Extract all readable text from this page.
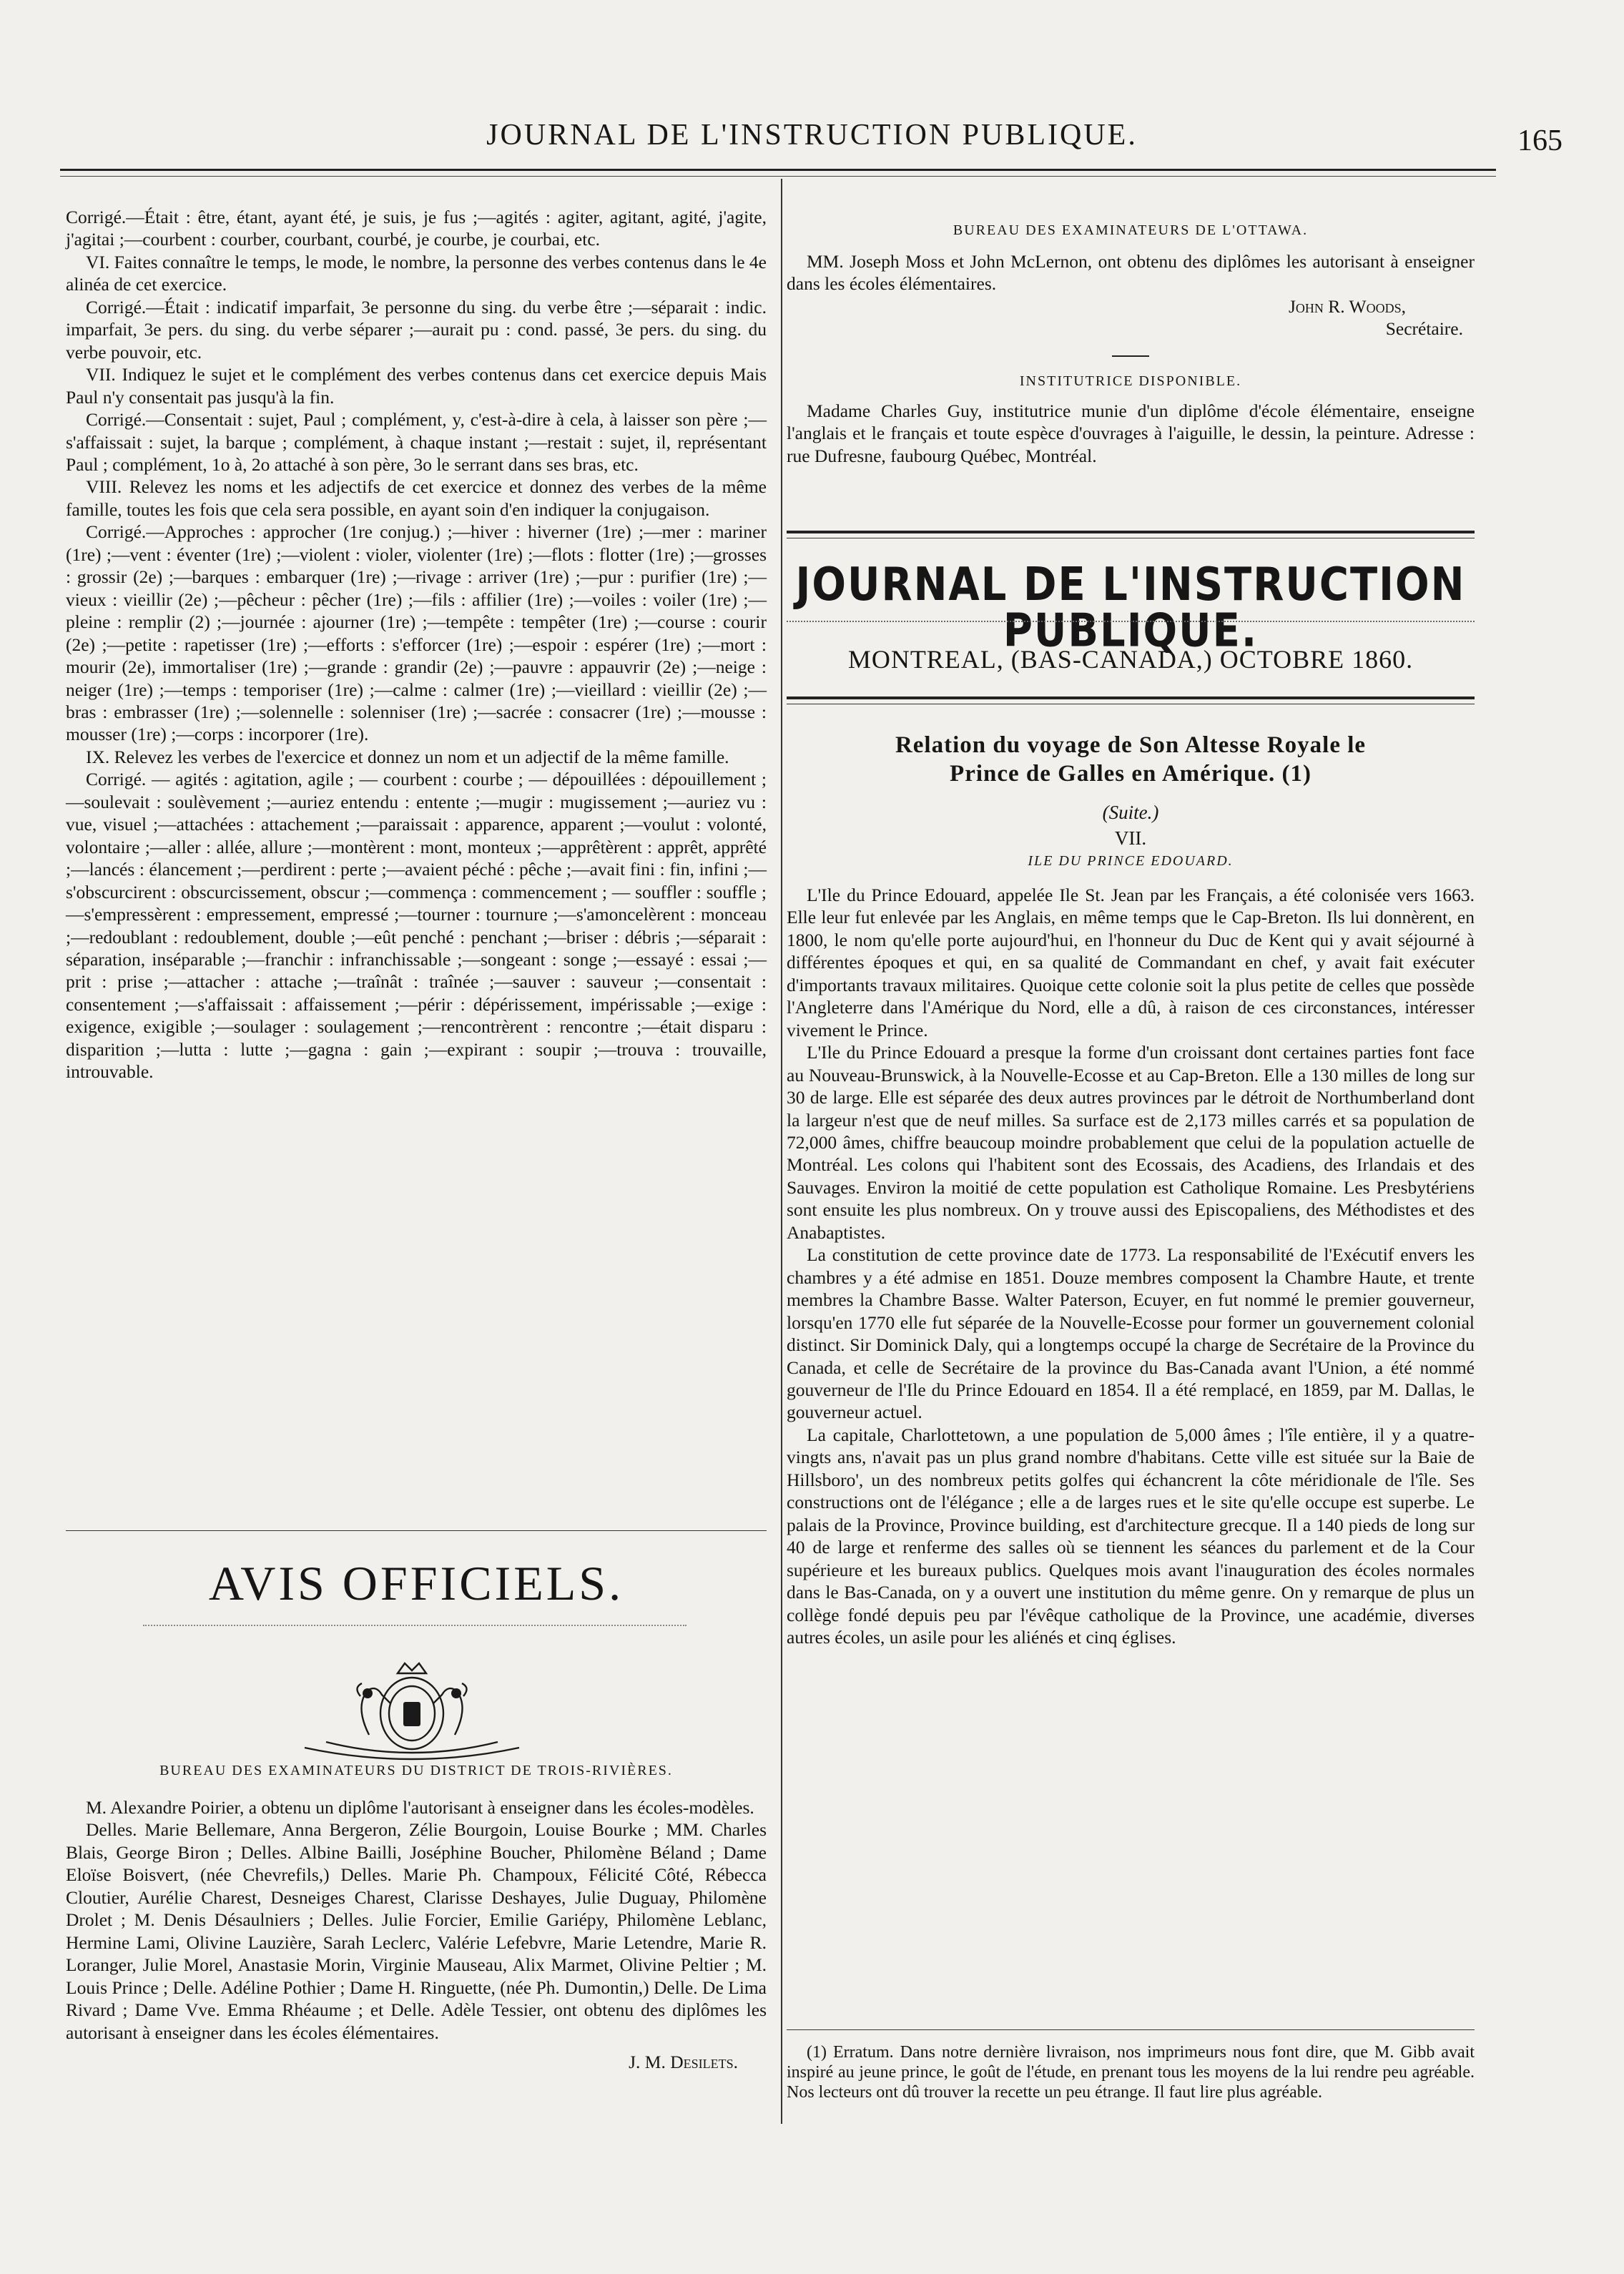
JOURNAL DE L'INSTRUCTION PUBLIQUE.	165

Corrigé.—Était : être, étant, ayant été, je suis, je fus ;—agités : agiter, agitant, agité, j'agite, j'agitai ;—courbent : courber, courbant, courbé, je courbe, je courbai, etc.

VI. Faites connaître le temps, le mode, le nombre, la personne des verbes contenus dans le 4e alinéa de cet exercice.

Corrigé.—Était : indicatif imparfait, 3e personne du sing. du verbe être ;—séparait : indic. imparfait, 3e pers. du sing. du verbe séparer ;—aurait pu : cond. passé, 3e pers. du sing. du verbe pouvoir, etc.

VII. Indiquez le sujet et le complément des verbes contenus dans cet exercice depuis Mais Paul n'y consentait pas jusqu'à la fin.

Corrigé.—Consentait : sujet, Paul ; complément, y, c'est-à-dire à cela, à laisser son père ;—s'affaissait : sujet, la barque ; complément, à chaque instant ;—restait : sujet, il, représentant Paul ; complément, 1o à, 2o attaché à son père, 3o le serrant dans ses bras, etc.

VIII. Relevez les noms et les adjectifs de cet exercice et donnez des verbes de la même famille, toutes les fois que cela sera possible, en ayant soin d'en indiquer la conjugaison.

Corrigé.—Approches : approcher (1re conjug.) ;—hiver : hiverner (1re) ;—mer : mariner (1re) ;—vent : éventer (1re) ;—violent : violer, violenter (1re) ;—flots : flotter (1re) ;—grosses : grossir (2e) ;—barques : embarquer (1re) ;—rivage : arriver (1re) ;—pur : purifier (1re) ;—vieux : vieillir (2e) ;—pêcheur : pêcher (1re) ;—fils : affilier (1re) ;—voiles : voiler (1re) ;—pleine : remplir (2) ;—journée : ajourner (1re) ;—tempête : tempêter (1re) ;—course : courir (2e) ;—petite : rapetisser (1re) ;—efforts : s'efforcer (1re) ;—espoir : espérer (1re) ;—mort : mourir (2e), immortaliser (1re) ;—grande : grandir (2e) ;—pauvre : appauvrir (2e) ;—neige : neiger (1re) ;—temps : temporiser (1re) ;—calme : calmer (1re) ;—vieillard : vieillir (2e) ;—bras : embrasser (1re) ;—solennelle : solenniser (1re) ;—sacrée : consacrer (1re) ;—mousse : mousser (1re) ;—corps : incorporer (1re).

IX. Relevez les verbes de l'exercice et donnez un nom et un adjectif de la même famille.

Corrigé. — agités : agitation, agile ; — courbent : courbe ; — dépouillées : dépouillement ;—soulevait : soulèvement ;—auriez entendu : entente ;—mugir : mugissement ;—auriez vu : vue, visuel ;—attachées : attachement ;—paraissait : apparence, apparent ;—voulut : volonté, volontaire ;—aller : allée, allure ;—montèrent : mont, monteux ;—apprêtèrent : apprêt, apprêté ;—lancés : élancement ;—perdirent : perte ;—avaient péché : pêche ;—avait fini : fin, infini ;—s'obscurcirent : obscurcissement, obscur ;—commença : commencement ; — souffler : souffle ;—s'empressèrent : empressement, empressé ;—tourner : tournure ;—s'amoncelèrent : monceau ;—redoublant : redoublement, double ;—eût penché : penchant ;—briser : débris ;—séparait : séparation, inséparable ;—franchir : infranchissable ;—songeant : songe ;—essayé : essai ;—prit : prise ;—attacher : attache ;—traînât : traînée ;—sauver : sauveur ;—consentait : consentement ;—s'affaissait : affaissement ;—périr : dépérissement, impérissable ;—exige : exigence, exigible ;—soulager : soulagement ;—rencontrèrent : rencontre ;—était disparu : disparition ;—lutta : lutte ;—gagna : gain ;—expirant : soupir ;—trouva : trouvaille, introuvable.

AVIS OFFICIELS.

BUREAU DES EXAMINATEURS DU DISTRICT DE TROIS-RIVIÈRES.

M. Alexandre Poirier, a obtenu un diplôme l'autorisant à enseigner dans les écoles-modèles.

Delles. Marie Bellemare, Anna Bergeron, Zélie Bourgoin, Louise Bourke ; MM. Charles Blais, George Biron ; Delles. Albine Bailli, Joséphine Boucher, Philomène Béland ; Dame Eloïse Boisvert, (née Chevrefils,) Delles. Marie Ph. Champoux, Félicité Côté, Rébecca Cloutier, Aurélie Charest, Desneiges Charest, Clarisse Deshayes, Julie Duguay, Philomène Drolet ; M. Denis Désaulniers ; Delles. Julie Forcier, Emilie Gariépy, Philomène Leblanc, Hermine Lami, Olivine Lauzière, Sarah Leclerc, Valérie Lefebvre, Marie Letendre, Marie R. Loranger, Julie Morel, Anastasie Morin, Virginie Mauseau, Alix Marmet, Olivine Peltier ; M. Louis Prince ; Delle. Adéline Pothier ; Dame H. Ringuette, (née Ph. Dumontin,) Delle. De Lima Rivard ; Dame Vve. Emma Rhéaume ; et Delle. Adèle Tessier, ont obtenu des diplômes les autorisant à enseigner dans les écoles élémentaires.

J. M. Desilets.

BUREAU DES EXAMINATEURS DE L'OTTAWA.

MM. Joseph Moss et John McLernon, ont obtenu des diplômes les autorisant à enseigner dans les écoles élémentaires.

John R. Woods,

Secrétaire.

INSTITUTRICE DISPONIBLE.

Madame Charles Guy, institutrice munie d'un diplôme d'école élémentaire, enseigne l'anglais et le français et toute espèce d'ouvrages à l'aiguille, le dessin, la peinture. Adresse : rue Dufresne, faubourg Québec, Montréal.

JOURNAL DE L'INSTRUCTION PUBLIQUE.
MONTREAL, (BAS-CANADA,) OCTOBRE 1860.

Relation du voyage de Son Altesse Royale le

Prince de Galles en Amérique. (1)

(Suite.)

VII.

ILE DU PRINCE EDOUARD.

L'Ile du Prince Edouard, appelée Ile St. Jean par les Français, a été colonisée vers 1663. Elle leur fut enlevée par les Anglais, en même temps que le Cap-Breton. Ils lui donnèrent, en 1800, le nom qu'elle porte aujourd'hui, en l'honneur du Duc de Kent qui y avait séjourné à différentes époques et qui, en sa qualité de Commandant en chef, y avait fait exécuter d'importants travaux militaires. Quoique cette colonie soit la plus petite de celles que possède l'Angleterre dans l'Amérique du Nord, elle a dû, à raison de ces circonstances, intéresser vivement le Prince.

L'Ile du Prince Edouard a presque la forme d'un croissant dont certaines parties font face au Nouveau-Brunswick, à la Nouvelle-Ecosse et au Cap-Breton. Elle a 130 milles de long sur 30 de large. Elle est séparée des deux autres provinces par le détroit de Northumberland dont la largeur n'est que de neuf milles. Sa surface est de 2,173 milles carrés et sa population de 72,000 âmes, chiffre beaucoup moindre probablement que celui de la population actuelle de Montréal. Les colons qui l'habitent sont des Ecossais, des Acadiens, des Irlandais et des Sauvages. Environ la moitié de cette population est Catholique Romaine. Les Presbytériens sont ensuite les plus nombreux. On y trouve aussi des Episcopaliens, des Méthodistes et des Anabaptistes.

La constitution de cette province date de 1773. La responsabilité de l'Exécutif envers les chambres y a été admise en 1851. Douze membres composent la Chambre Haute, et trente membres la Chambre Basse. Walter Paterson, Ecuyer, en fut nommé le premier gouverneur, lorsqu'en 1770 elle fut séparée de la Nouvelle-Ecosse pour former un gouvernement colonial distinct. Sir Dominick Daly, qui a longtemps occupé la charge de Secrétaire de la Province du Canada, et celle de Secrétaire de la province du Bas-Canada avant l'Union, a été nommé gouverneur de l'Ile du Prince Edouard en 1854. Il a été remplacé, en 1859, par M. Dallas, le gouverneur actuel.

La capitale, Charlottetown, a une population de 5,000 âmes ; l'île entière, il y a quatre-vingts ans, n'avait pas un plus grand nombre d'habitans. Cette ville est située sur la Baie de Hillsboro', un des nombreux petits golfes qui échancrent la côte méridionale de l'île. Ses constructions ont de l'élégance ; elle a de larges rues et le site qu'elle occupe est superbe. Le palais de la Province, Province building, est d'architecture grecque. Il a 140 pieds de long sur 40 de large et renferme des salles où se tiennent les séances du parlement et de la Cour supérieure et les bureaux publics. Quelques mois avant l'inauguration des écoles normales dans le Bas-Canada, on y a ouvert une institution du même genre. On y remarque de plus un collège fondé depuis peu par l'évêque catholique de la Province, une académie, diverses autres écoles, un asile pour les aliénés et cinq églises.

(1) Erratum. Dans notre dernière livraison, nos imprimeurs nous font dire, que M. Gibb avait inspiré au jeune prince, le goût de l'étude, en prenant tous les moyens de la lui rendre peu agréable. Nos lecteurs ont dû trouver la recette un peu étrange. Il faut lire plus agréable.
